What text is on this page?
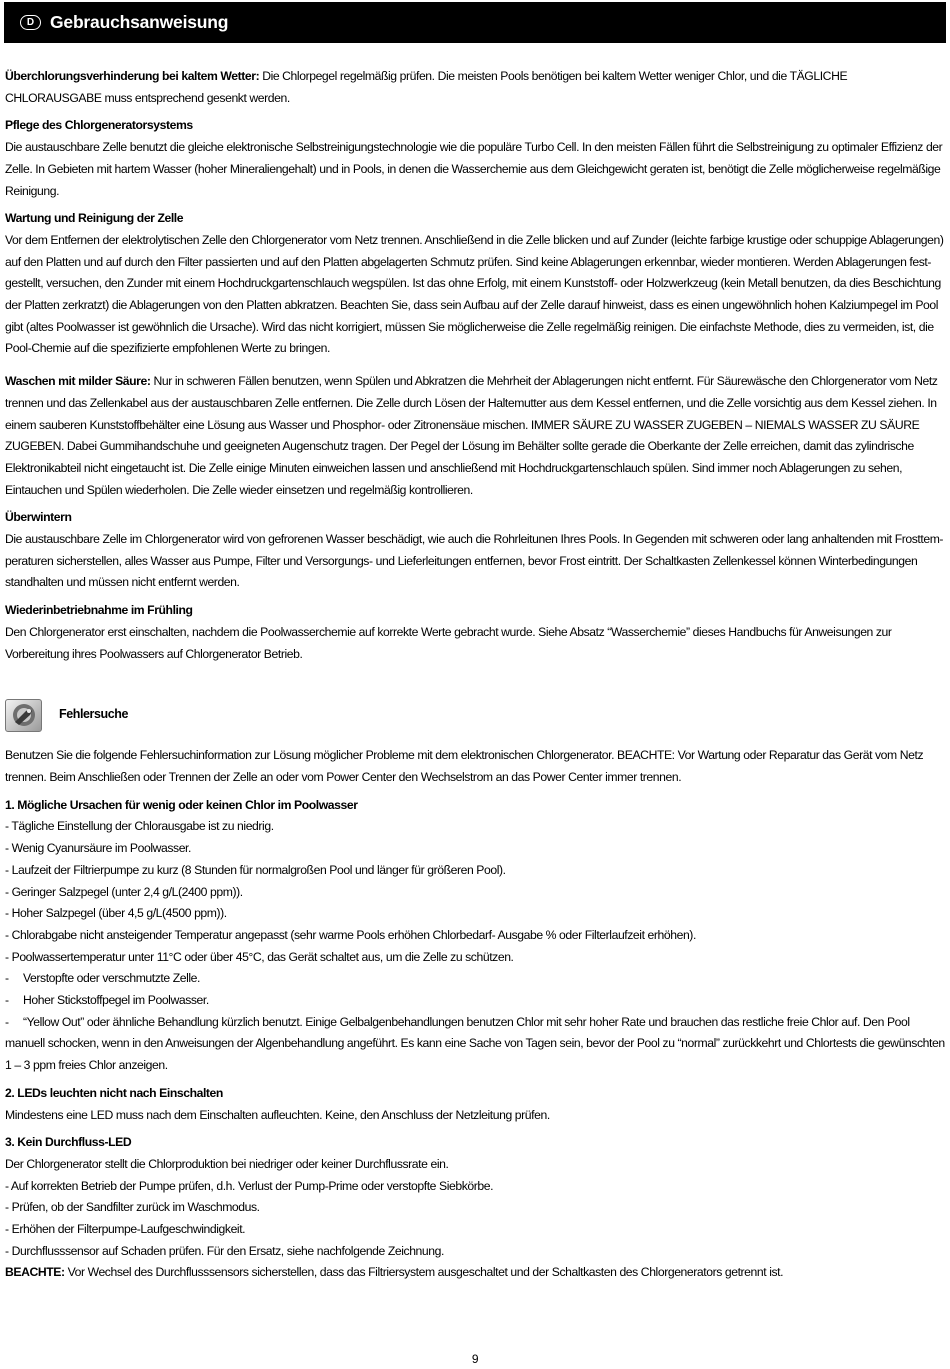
D Gebrauchsanweisung

Überchlorungsverhinderung bei kaltem Wetter: Die Chlorpegel regelmäßig prüfen. Die meisten Pools benötigen bei kaltem Wetter weniger Chlor, und die TÄGLICHE CHLORAUSGABE muss entsprechend gesenkt werden.

Pflege des Chlorgeneratorsystems

Die austauschbare Zelle benutzt die gleiche elektronische Selbstreinigungstechnologie wie die populäre Turbo Cell. In den meisten Fällen führt die Selbstreinigung zu optimaler Effizienz der Zelle. In Gebieten mit hartem Wasser (hoher Mineraliengehalt) und in Pools, in denen die Wasserchemie aus dem Gleichgewicht geraten ist, benötigt die Zelle möglicherweise regelmäßige Reinigung.

Wartung und Reinigung der Zelle

Vor dem Entfernen der elektrolytischen Zelle den Chlorgenerator vom Netz trennen. Anschließend in die Zelle blicken und auf Zunder (leichte farbige krustige oder schuppige Ablagerungen) auf den Platten und auf durch den Filter passierten und auf den Platten abgelagerten Schmutz prüfen. Sind keine Ablagerungen erkennbar, wieder montieren. Werden Ablagerungen fest-gestellt, versuchen, den Zunder mit einem Hochdruckgartenschlauch wegspülen. Ist das ohne Erfolg, mit einem Kunststoff- oder Holzwerkzeug (kein Metall benutzen, da dies Beschichtung der Platten zerkratzt) die Ablagerungen von den Platten abkratzen. Beachten Sie, dass sein Aufbau auf der Zelle darauf hinweist, dass es einen ungewöhnlich hohen Kalziumpegel im Pool gibt (altes Poolwasser ist gewöhnlich die Ursache). Wird das nicht korrigiert, müssen Sie möglicherweise die Zelle regelmäßig reinigen. Die einfachste Methode, dies zu vermeiden, ist, die Pool-Chemie auf die spezifizierte empfohlenen Werte zu bringen.

Waschen mit milder Säure: Nur in schweren Fällen benutzen, wenn Spülen und Abkratzen die Mehrheit der Ablagerungen nicht entfernt. Für Säurewäsche den Chlorgenerator vom Netz trennen und das Zellenkabel aus der austauschbaren Zelle entfernen. Die Zelle durch Lösen der Haltemutter aus dem Kessel entfernen, und die Zelle vorsichtig aus dem Kessel ziehen. In einem sauberen Kunststoffbehälter eine Lösung aus Wasser und Phosphor- oder Zitronensäue mischen. IMMER SÄURE ZU WASSER ZUGEBEN – NIEMALS WASSER ZU SÄURE ZUGEBEN. Dabei Gummihandschuhe und geeigneten Augenschutz tragen. Der Pegel der Lösung im Behälter sollte gerade die Oberkante der Zelle erreichen, damit das zylindrische Elektronikabteil nicht eingetaucht ist. Die Zelle einige Minuten einweichen lassen und anschließend mit Hochdruckgartenschlauch spülen. Sind immer noch Ablagerungen zu sehen, Eintauchen und Spülen wiederholen. Die Zelle wieder einsetzen und regelmäßig kontrollieren.

Überwintern

Die austauschbare Zelle im Chlorgenerator wird von gefrorenen Wasser beschädigt, wie auch die Rohrleitunen Ihres Pools. In Gegenden mit schweren oder lang anhaltenden mit Frosttem-peraturen sicherstellen, alles Wasser aus Pumpe, Filter und Versorgungs- und Lieferleitungen entfernen, bevor Frost eintritt. Der Schaltkasten Zellenkessel können Winterbedingungen standhalten und müssen nicht entfernt werden.

Wiederinbetriebnahme im Frühling

Den Chlorgenerator erst einschalten, nachdem die Poolwasserchemie auf korrekte Werte gebracht wurde. Siehe Absatz “Wasserchemie” dieses Handbuchs für Anweisungen zur Vorbereitung ihres Poolwassers auf Chlorgenerator Betrieb.

Fehlersuche

Benutzen Sie die folgende Fehlersuchinformation zur Lösung möglicher Probleme mit dem elektronischen Chlorgenerator. BEACHTE: Vor Wartung oder Reparatur das Gerät vom Netz trennen. Beim Anschließen oder Trennen der Zelle an oder vom Power Center den Wechselstrom an das Power Center immer trennen.

1. Mögliche Ursachen für wenig oder keinen Chlor im Poolwasser

- Tägliche Einstellung der Chlorausgabe ist zu niedrig.

- Wenig Cyanursäure im Poolwasser.

- Laufzeit der Filtrierpumpe zu kurz (8 Stunden für normalgroßen Pool und länger für größeren Pool).

- Geringer Salzpegel (unter 2,4 g/L(2400 ppm)).

- Hoher Salzpegel (über 4,5 g/L(4500 ppm)).

- Chlorabgabe nicht ansteigender Temperatur angepasst (sehr warme Pools erhöhen Chlorbedarf- Ausgabe % oder Filterlaufzeit erhöhen).

- Poolwassertemperatur unter 11°C oder über 45°C, das Gerät schaltet aus, um die Zelle zu schützen.

- Verstopfte oder verschmutzte Zelle.

- Hoher Stickstoffpegel im Poolwasser.

- “Yellow Out” oder ähnliche Behandlung kürzlich benutzt. Einige Gelbalgenbehandlungen benutzen Chlor mit sehr hoher Rate und brauchen das restliche freie Chlor auf. Den Pool manuell schocken, wenn in den Anweisungen der Algenbehandlung angeführt. Es kann eine Sache von Tagen sein, bevor der Pool zu “normal” zurückkehrt und Chlortests die gewünschten 1 – 3 ppm freies Chlor anzeigen.

2. LEDs leuchten nicht nach Einschalten

Mindestens eine LED muss nach dem Einschalten aufleuchten. Keine, den Anschluss der Netzleitung prüfen.

3. Kein Durchfluss-LED

Der Chlorgenerator stellt die Chlorproduktion bei niedriger oder keiner Durchflussrate ein.

- Auf korrekten Betrieb der Pumpe prüfen, d.h. Verlust der Pump-Prime oder verstopfte Siebkörbe.

- Prüfen, ob der Sandfilter zurück im Waschmodus.

- Erhöhen der Filterpumpe-Laufgeschwindigkeit.

- Durchflusssensor auf Schaden prüfen. Für den Ersatz, siehe nachfolgende Zeichnung.

BEACHTE: Vor Wechsel des Durchflusssensors sicherstellen, dass das Filtriersystem ausgeschaltet und der Schaltkasten des Chlorgenerators getrennt ist.

9
